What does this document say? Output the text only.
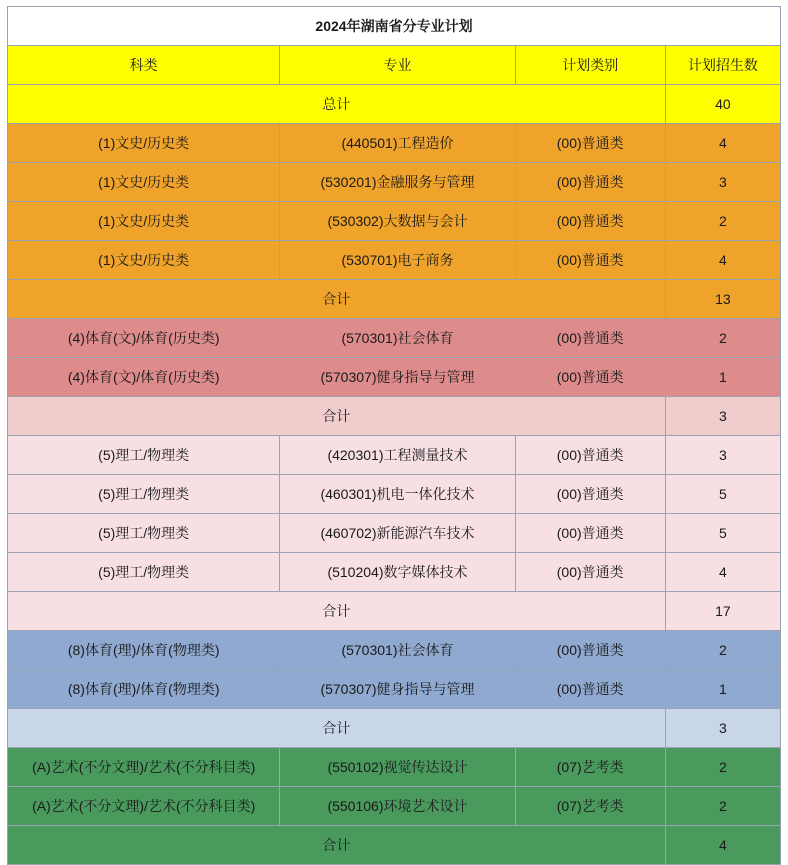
2024年湖南省分专业计划			
科类	专业	计划类别	计划招生数
总计			40
(1)文史/历史类	(440501)工程造价	(00)普通类	4
(1)文史/历史类	(530201)金融服务与管理	(00)普通类	3
(1)文史/历史类	(530302)大数据与会计	(00)普通类	2
(1)文史/历史类	(530701)电子商务	(00)普通类	4
合计			13
(4)体育(文)/体育(历史类)	(570301)社会体育	(00)普通类	2
(4)体育(文)/体育(历史类)	(570307)健身指导与管理	(00)普通类	1
合计			3
(5)理工/物理类	(420301)工程测量技术	(00)普通类	3
(5)理工/物理类	(460301)机电一体化技术	(00)普通类	5
(5)理工/物理类	(460702)新能源汽车技术	(00)普通类	5
(5)理工/物理类	(510204)数字媒体技术	(00)普通类	4
合计			17
(8)体育(理)/体育(物理类)	(570301)社会体育	(00)普通类	2
(8)体育(理)/体育(物理类)	(570307)健身指导与管理	(00)普通类	1
合计			3
(A)艺术(不分文理)/艺术(不分科目类)	(550102)视觉传达设计	(07)艺考类	2
(A)艺术(不分文理)/艺术(不分科目类)	(550106)环境艺术设计	(07)艺考类	2
合计			4
